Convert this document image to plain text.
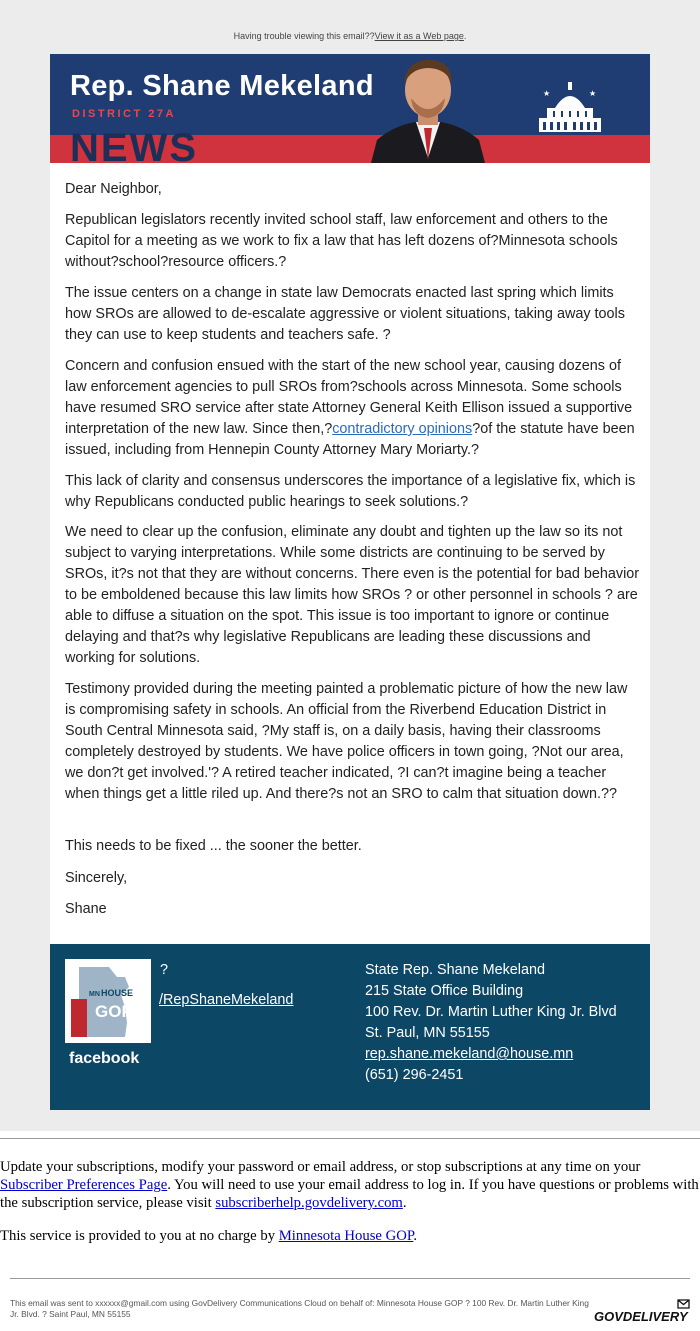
Having trouble viewing this email??View it as a Web page.
NEWS
Rep. Shane Mekeland
DISTRICT 27A
★	★

Dear Neighbor,

Republican legislators recently invited school staff, law enforcement and others to the Capitol for a meeting as we work to fix a law that has left dozens of?Minnesota schools without?school?resource officers.?

The issue centers on a change in state law Democrats enacted last spring which limits how SROs are allowed to de-escalate aggressive or violent situations, taking away tools they can use to keep students and teachers safe. ?

Concern and confusion ensued with the start of the new school year, causing dozens of law enforcement agencies to pull SROs from?schools across Minnesota. Some schools have resumed SRO service after state Attorney General Keith Ellison issued a supportive interpretation of the new law. Since then,?contradictory opinions?of the statute have been issued, including from Hennepin County Attorney Mary Moriarty.?

This lack of clarity and consensus underscores the importance of a legislative fix, which is why Republicans conducted public hearings to seek solutions.?

We need to clear up the confusion, eliminate any doubt and tighten up the law so its not subject to varying interpretations. While some districts are continuing to be served by SROs, it?s not that they are without concerns. There even is the potential for bad behavior to be emboldened because this law limits how SROs ? or other personnel in schools ? are able to diffuse a situation on the spot. This issue is too important to ignore or continue delaying and that?s why legislative Republicans are leading these discussions and working for solutions.

Testimony provided during the meeting painted a problematic picture of how the new law is compromising safety in schools. An official from the Riverbend Education District in South Central Minnesota said, ?My staff is, on a daily basis, having their classrooms completely destroyed by students. We have police officers in town going, ?Not our area, we don?t get involved.'? A retired teacher indicated, ?I can?t imagine being a teacher when things get a little riled up. And there?s not an SRO to calm that situation down.??

This needs to be fixed ... the sooner the better.

Sincerely,

Shane

MN HOUSE
GOP
facebook
?
/RepShaneMekeland
State Rep. Shane Mekeland
215 State Office Building
100 Rev. Dr. Martin Luther King Jr. Blvd
St. Paul, MN 55155
rep.shane.mekeland@house.mn
(651) 296-2451

Update your subscriptions, modify your password or email address, or stop subscriptions at any time on your Subscriber Preferences Page. You will need to use your email address to log in. If you have questions or problems with the subscription service, please visit subscriberhelp.govdelivery.com.

This service is provided to you at no charge by Minnesota House GOP.

This email was sent to xxxxxx@gmail.com using GovDelivery Communications Cloud on behalf of: Minnesota House GOP ? 100 Rev. Dr. Martin Luther King Jr. Blvd. ? Saint Paul, MN 55155	GOVDELIVERY
